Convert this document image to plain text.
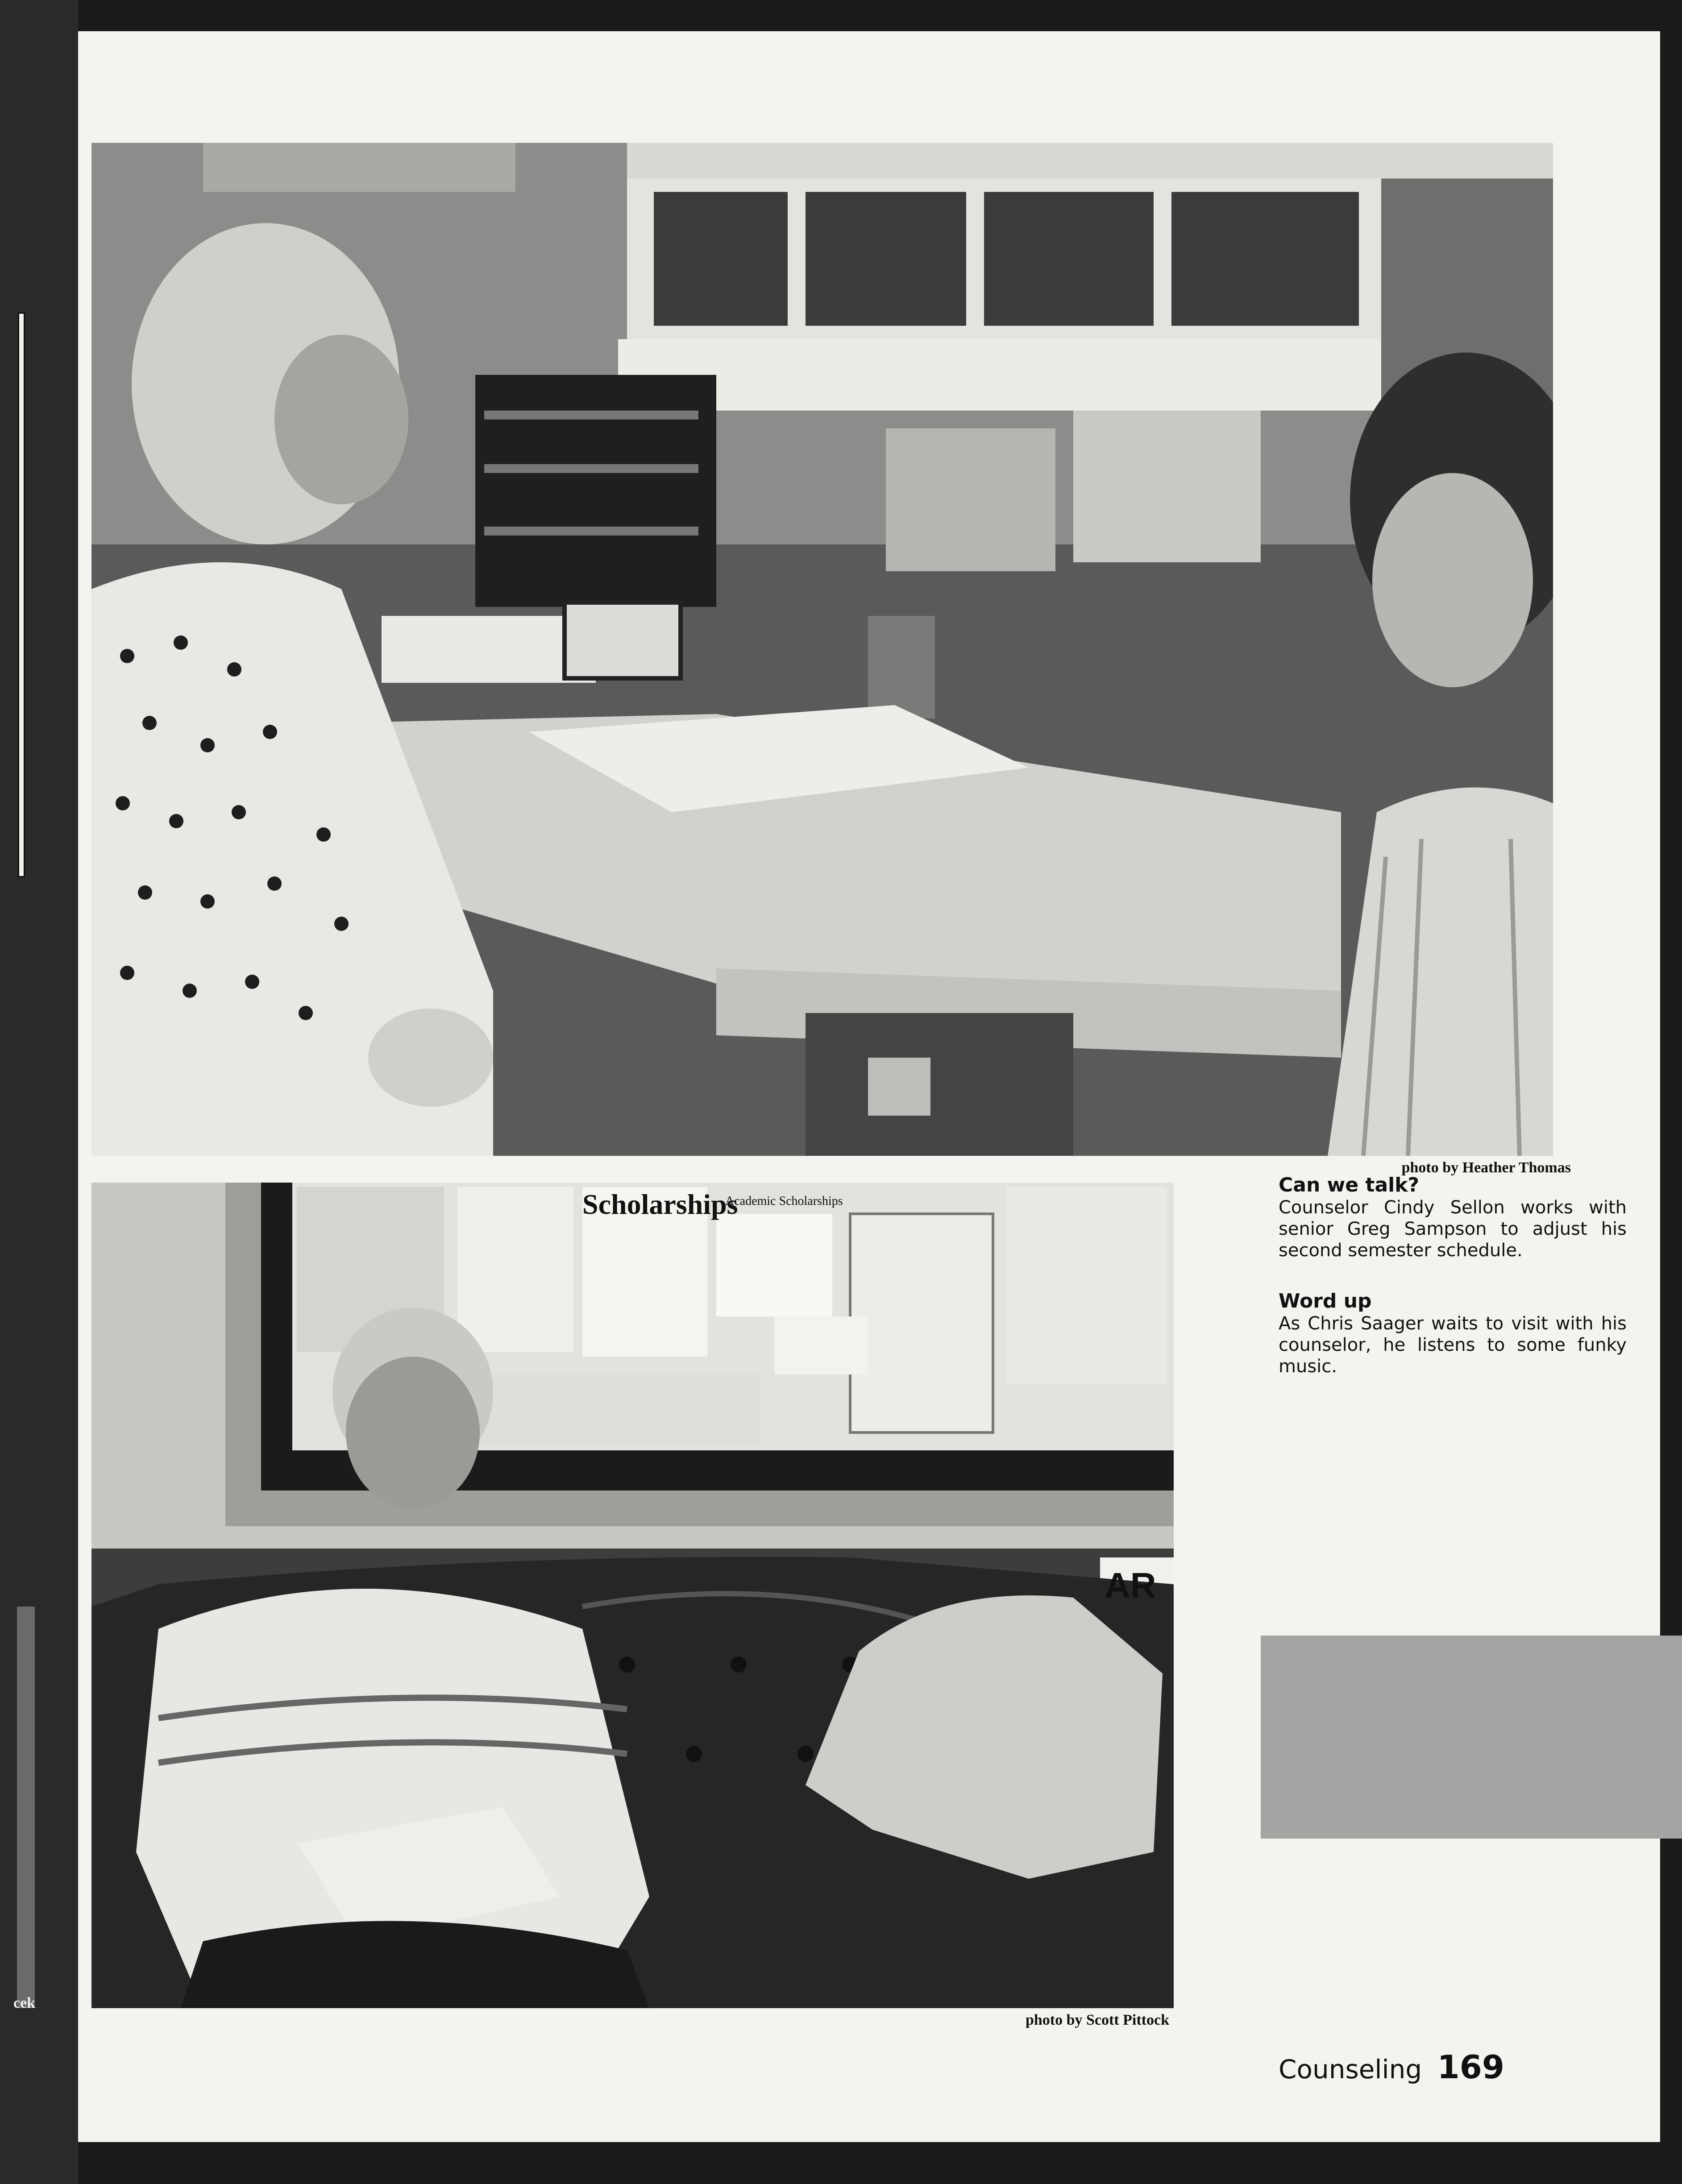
cek
photo by Heather Thomas
Scholarships
Academic Scholarships
AR
photo by Scott Pittock
Can we talk?
Counselor Cindy Sellon works with senior Greg Sampson to adjust his second semester schedule.
Word up
As Chris Saager waits to visit with his counselor, he listens to some funky music.
Counseling 169
